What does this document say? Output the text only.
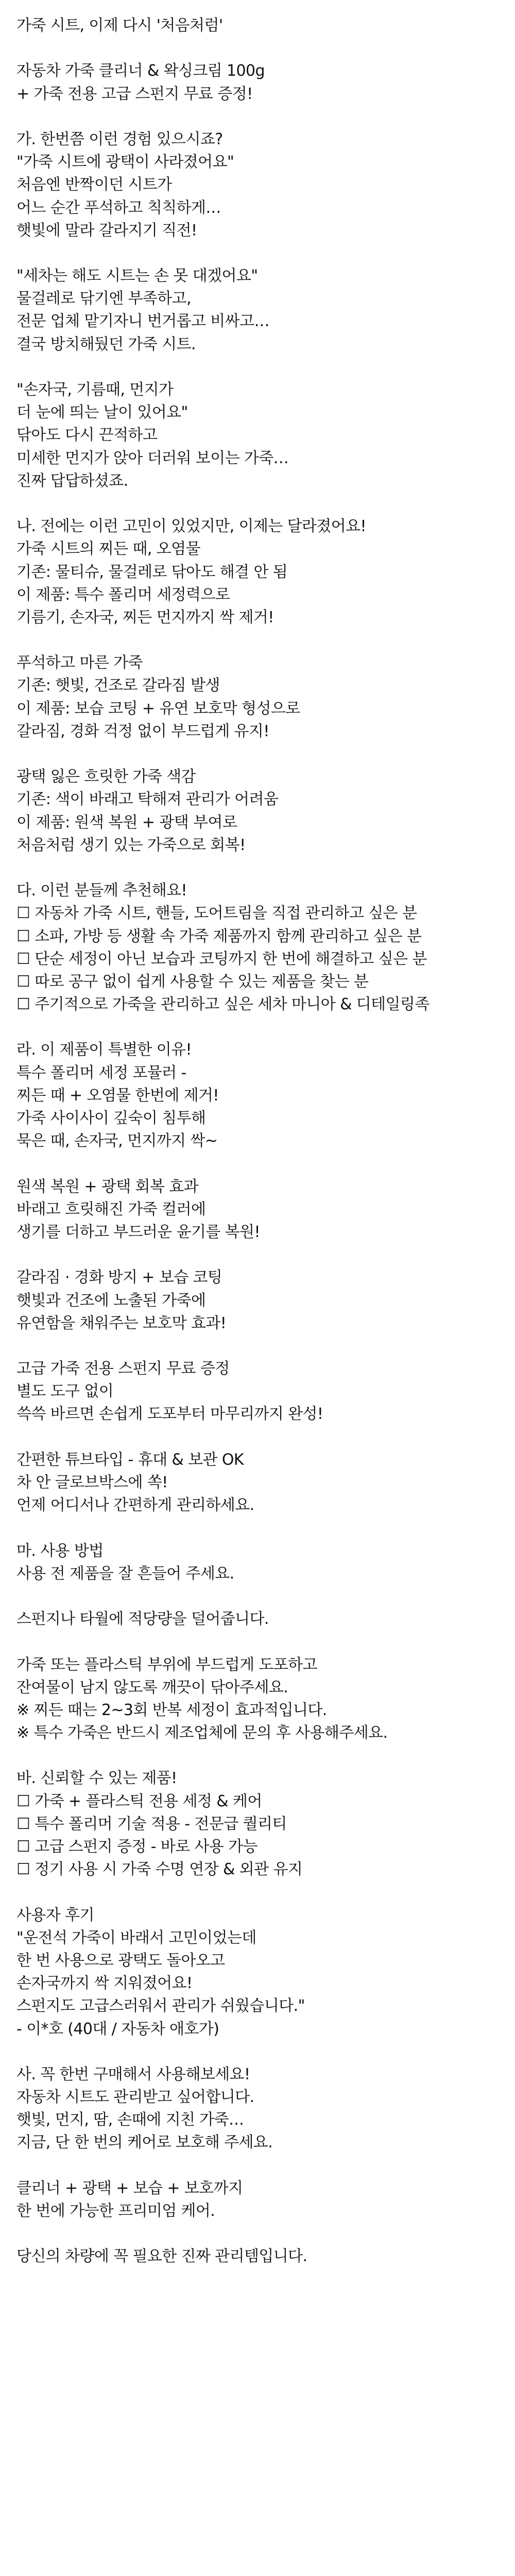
가죽 시트, 이제 다시 '처음처럼'
자동차 가죽 클리너 & 왁싱크림 100g
+ 가죽 전용 고급 스펀지 무료 증정!
가. 한번쯤 이런 경험 있으시죠?
"가죽 시트에 광택이 사라졌어요"
처음엔 반짝이던 시트가
어느 순간 푸석하고 칙칙하게…
햇빛에 말라 갈라지기 직전!
"세차는 해도 시트는 손 못 대겠어요"
물걸레로 닦기엔 부족하고,
전문 업체 맡기자니 번거롭고 비싸고…
결국 방치해뒀던 가죽 시트.
"손자국, 기름때, 먼지가
더 눈에 띄는 날이 있어요"
닦아도 다시 끈적하고
미세한 먼지가 앉아 더러워 보이는 가죽…
진짜 답답하셨죠.
나. 전에는 이런 고민이 있었지만, 이제는 달라졌어요!
가죽 시트의 찌든 때, 오염물
기존: 물티슈, 물걸레로 닦아도 해결 안 됨
이 제품: 특수 폴리머 세정력으로
기름기, 손자국, 찌든 먼지까지 싹 제거!
푸석하고 마른 가죽
기존: 햇빛, 건조로 갈라짐 발생
이 제품: 보습 코팅 + 유연 보호막 형성으로
갈라짐, 경화 걱정 없이 부드럽게 유지!
광택 잃은 흐릿한 가죽 색감
기존: 색이 바래고 탁해져 관리가 어려움
이 제품: 원색 복원 + 광택 부여로
처음처럼 생기 있는 가죽으로 회복!
다. 이런 분들께 추천해요!
☐ 자동차 가죽 시트, 핸들, 도어트림을 직접 관리하고 싶은 분
☐ 소파, 가방 등 생활 속 가죽 제품까지 함께 관리하고 싶은 분
☐ 단순 세정이 아닌 보습과 코팅까지 한 번에 해결하고 싶은 분
☐ 따로 공구 없이 쉽게 사용할 수 있는 제품을 찾는 분
☐ 주기적으로 가죽을 관리하고 싶은 세차 마니아 & 디테일링족
라. 이 제품이 특별한 이유!
특수 폴리머 세정 포뮬러 -
찌든 때 + 오염물 한번에 제거!
가죽 사이사이 깊숙이 침투해
묵은 때, 손자국, 먼지까지 싹~
원색 복원 + 광택 회복 효과
바래고 흐릿해진 가죽 컬러에
생기를 더하고 부드러운 윤기를 복원!
갈라짐 · 경화 방지 + 보습 코팅
햇빛과 건조에 노출된 가죽에
유연함을 채워주는 보호막 효과!
고급 가죽 전용 스펀지 무료 증정
별도 도구 없이
쓱쓱 바르면 손쉽게 도포부터 마무리까지 완성!
간편한 튜브타입 - 휴대 & 보관 OK
차 안 글로브박스에 쏙!
언제 어디서나 간편하게 관리하세요.
마. 사용 방법
사용 전 제품을 잘 흔들어 주세요.
스펀지나 타월에 적당량을 덜어줍니다.
가죽 또는 플라스틱 부위에 부드럽게 도포하고
잔여물이 남지 않도록 깨끗이 닦아주세요.
※ 찌든 때는 2~3회 반복 세정이 효과적입니다.
※ 특수 가죽은 반드시 제조업체에 문의 후 사용해주세요.
바. 신뢰할 수 있는 제품!
☐ 가죽 + 플라스틱 전용 세정 & 케어
☐ 특수 폴리머 기술 적용 - 전문급 퀄리티
☐ 고급 스펀지 증정 - 바로 사용 가능
☐ 정기 사용 시 가죽 수명 연장 & 외관 유지
사용자 후기
"운전석 가죽이 바래서 고민이었는데
한 번 사용으로 광택도 돌아오고
손자국까지 싹 지워졌어요!
스펀지도 고급스러워서 관리가 쉬웠습니다."
- 이*호 (40대 / 자동차 애호가)
사. 꼭 한번 구매해서 사용해보세요!
자동차 시트도 관리받고 싶어합니다.
햇빛, 먼지, 땀, 손때에 지친 가죽…
지금, 단 한 번의 케어로 보호해 주세요.
클리너 + 광택 + 보습 + 보호까지
한 번에 가능한 프리미엄 케어.
당신의 차량에 꼭 필요한 진짜 관리템입니다.
